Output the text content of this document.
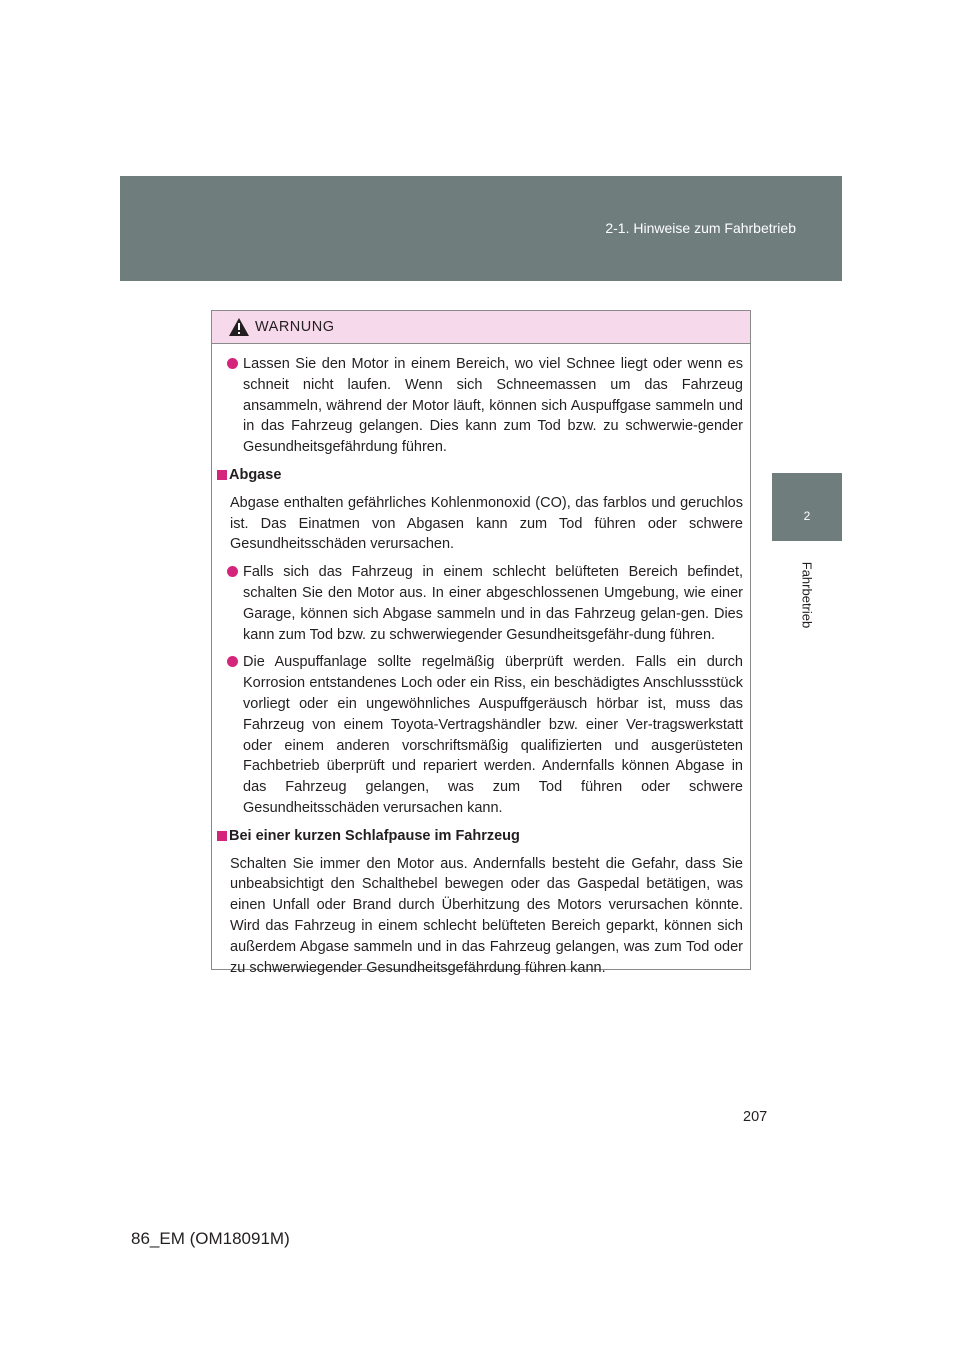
2-1. Hinweise zum Fahrbetrieb
2
Fahrbetrieb
WARNUNG
Lassen Sie den Motor in einem Bereich, wo viel Schnee liegt oder wenn es schneit nicht laufen. Wenn sich Schneemassen um das Fahrzeug ansammeln, während der Motor läuft, können sich Auspuffgase sammeln und in das Fahrzeug gelangen. Dies kann zum Tod bzw. zu schwerwie-gender Gesundheitsgefährdung führen.
Abgase
Abgase enthalten gefährliches Kohlenmonoxid (CO), das farblos und geruchlos ist. Das Einatmen von Abgasen kann zum Tod führen oder schwere Gesundheitsschäden verursachen.
Falls sich das Fahrzeug in einem schlecht belüfteten Bereich befindet, schalten Sie den Motor aus. In einer abgeschlossenen Umgebung, wie einer Garage, können sich Abgase sammeln und in das Fahrzeug gelan-gen. Dies kann zum Tod bzw. zu schwerwiegender Gesundheitsgefähr-dung führen.
Die Auspuffanlage sollte regelmäßig überprüft werden. Falls ein durch Korrosion entstandenes Loch oder ein Riss, ein beschädigtes Anschlussstück vorliegt oder ein ungewöhnliches Auspuffgeräusch hörbar ist, muss das Fahrzeug von einem Toyota-Vertragshändler bzw. einer Ver-tragswerkstatt oder einem anderen vorschriftsmäßig qualifizierten und ausgerüsteten Fachbetrieb überprüft und repariert werden. Andernfalls können Abgase in das Fahrzeug gelangen, was zum Tod führen oder schwere Gesundheitsschäden verursachen kann.
Bei einer kurzen Schlafpause im Fahrzeug
Schalten Sie immer den Motor aus. Andernfalls besteht die Gefahr, dass Sie unbeabsichtigt den Schalthebel bewegen oder das Gaspedal betätigen, was einen Unfall oder Brand durch Überhitzung des Motors verursachen könnte. Wird das Fahrzeug in einem schlecht belüfteten Bereich geparkt, können sich außerdem Abgase sammeln und in das Fahrzeug gelangen, was zum Tod oder zu schwerwiegender Gesundheitsgefährdung führen kann.
207
86_EM (OM18091M)
